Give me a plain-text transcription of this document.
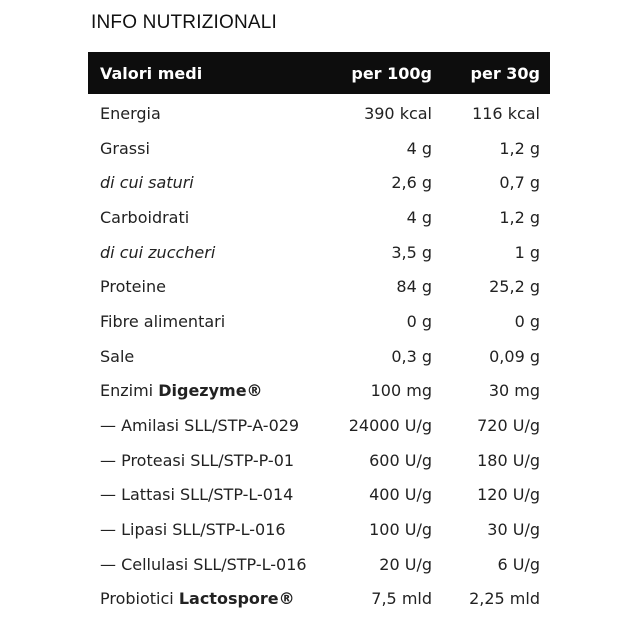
INFO NUTRIZIONALI
Valori medi	per 100g	per 30g
Energia	390 kcal	116 kcal
Grassi	4 g	1,2 g
di cui saturi	2,6 g	0,7 g
Carboidrati	4 g	1,2 g
di cui zuccheri	3,5 g	1 g
Proteine	84 g	25,2 g
Fibre alimentari	0 g	0 g
Sale	0,3 g	0,09 g
Enzimi Digezyme®	100 mg	30 mg
— Amilasi SLL/STP-A-029	24000 U/g	720 U/g
— Proteasi SLL/STP-P-01	600 U/g	180 U/g
— Lattasi SLL/STP-L-014	400 U/g	120 U/g
— Lipasi SLL/STP-L-016	100 U/g	30 U/g
— Cellulasi SLL/STP-L-016	20 U/g	6 U/g
Probiotici Lactospore®	7,5 mld	2,25 mld
